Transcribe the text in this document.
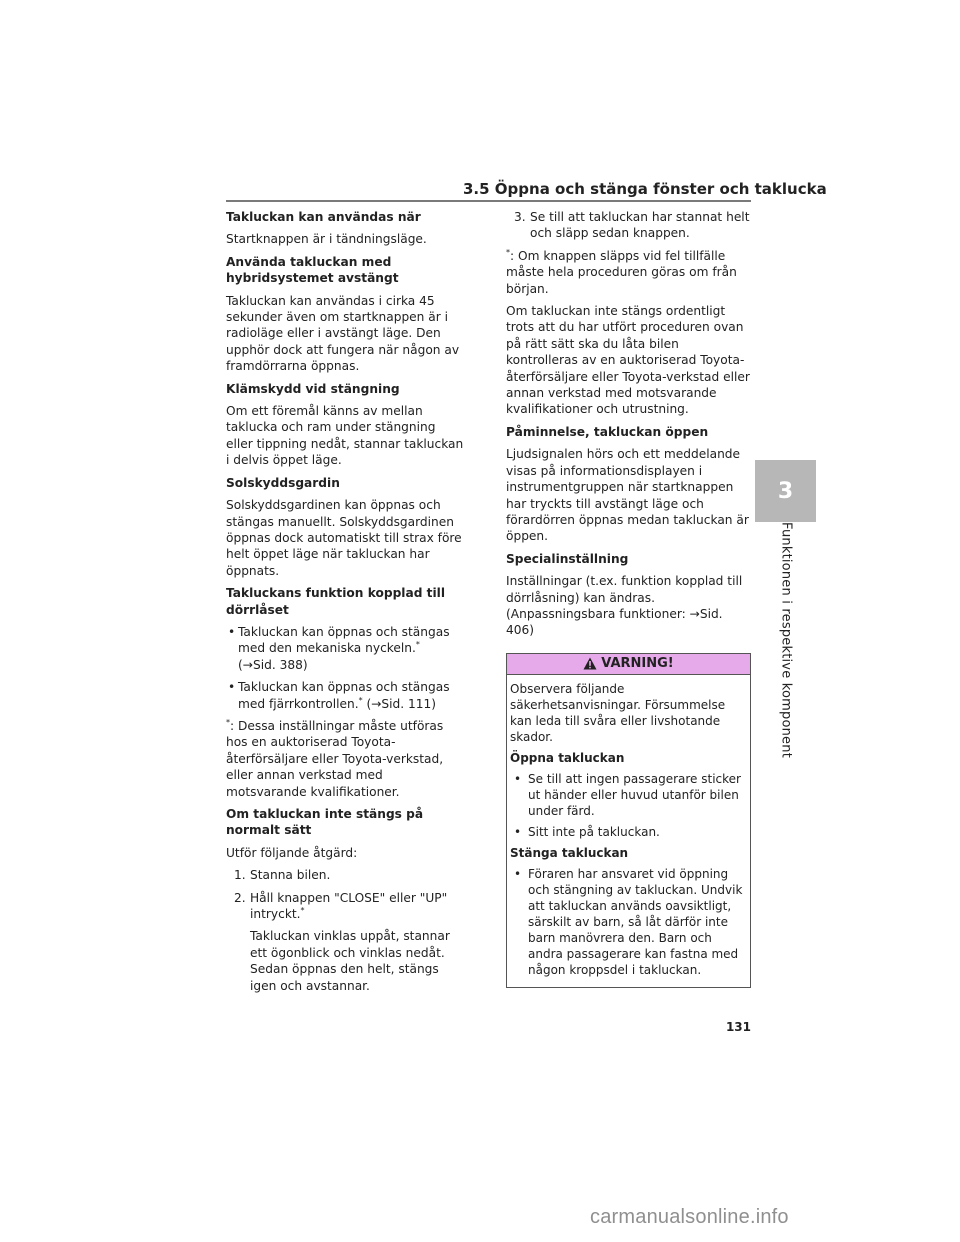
3.5 Öppna och stänga fönster och taklucka

Takluckan kan användas när

Startknappen är i tändningsläge.

Använda takluckan med hybridsystemet avstängt

Takluckan kan användas i cirka 45 sekunder även om startknappen är i radioläge eller i avstängt läge. Den upphör dock att fungera när någon av framdörrarna öppnas.

Klämskydd vid stängning

Om ett föremål känns av mellan taklucka och ram under stängning eller tippning nedåt, stannar takluckan i delvis öppet läge.

Solskyddsgardin

Solskyddsgardinen kan öppnas och stängas manuellt. Solskyddsgardinen öppnas dock automatiskt till strax före helt öppet läge när takluckan har öppnats.

Takluckans funktion kopplad till dörrlåset

• Takluckan kan öppnas och stängas med den mekaniska nyckeln.*
(→Sid. 388)

• Takluckan kan öppnas och stängas med fjärrkontrollen.* (→Sid. 111)

*: Dessa inställningar måste utföras hos en auktoriserad Toyota-återförsäljare eller Toyota-verkstad, eller annan verkstad med motsvarande kvalifikationer.

Om takluckan inte stängs på normalt sätt

Utför följande åtgärd:

1. Stanna bilen.

2. Håll knappen "CLOSE" eller "UP" intryckt.*

Takluckan vinklas uppåt, stannar ett ögonblick och vinklas nedåt. Sedan öppnas den helt, stängs igen och avstannar.

3. Se till att takluckan har stannat helt och släpp sedan knappen.

*: Om knappen släpps vid fel tillfälle måste hela proceduren göras om från början.

Om takluckan inte stängs ordentligt trots att du har utfört proceduren ovan på rätt sätt ska du låta bilen kontrolleras av en auktoriserad Toyota-återförsäljare eller Toyota-verkstad eller annan verkstad med motsvarande kvalifikationer och utrustning.

Påminnelse, takluckan öppen

Ljudsignalen hörs och ett meddelande visas på informationsdisplayen i instrumentgruppen när startknappen har tryckts till avstängt läge och förardörren öppnas medan takluckan är öppen.

Specialinställning

Inställningar (t.ex. funktion kopplad till dörrlåsning) kan ändras. (Anpassningsbara funktioner: →Sid. 406)

VARNING!

Observera följande säkerhetsanvisningar. Försummelse kan leda till svåra eller livshotande skador.

Öppna takluckan

• Se till att ingen passagerare sticker ut händer eller huvud utanför bilen under färd.

• Sitt inte på takluckan.

Stänga takluckan

• Föraren har ansvaret vid öppning och stängning av takluckan. Undvik att takluckan används oavsiktligt, särskilt av barn, så låt därför inte barn manövrera den. Barn och andra passagerare kan fastna med någon kroppsdel i takluckan.

3
Funktionen i respektive komponent
131
carmanualsonline.info
